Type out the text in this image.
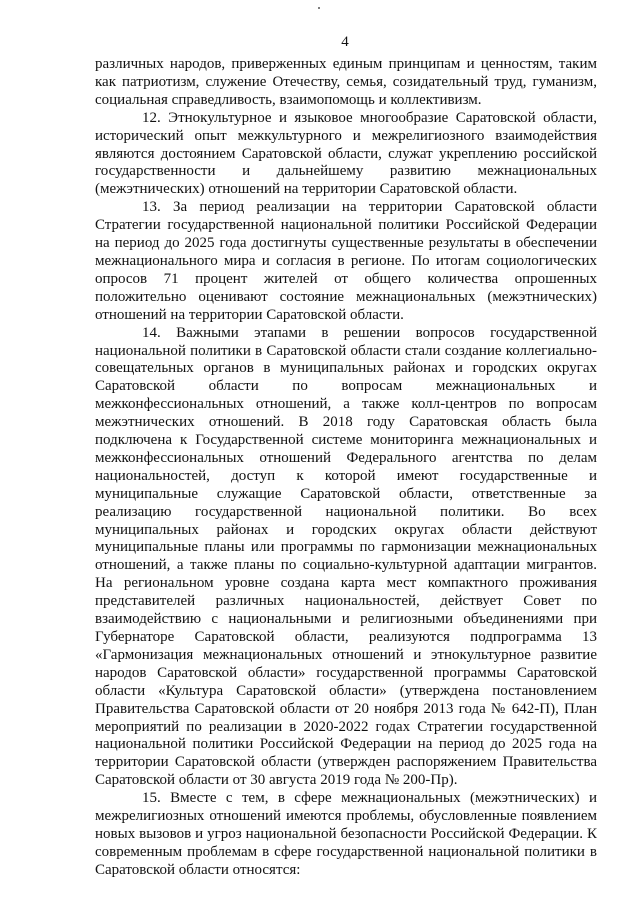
4

различных народов, приверженных единым принципам и ценностям, таким как патриотизм, служение Отечеству, семья, созидательный труд, гуманизм, социальная справедливость, взаимопомощь и коллективизм.

12. Этнокультурное и языковое многообразие Саратовской области, исторический опыт межкультурного и межрелигиозного взаимодействия являются достоянием Саратовской области, служат укреплению российской государственности и дальнейшему развитию межнациональных (межэтнических) отношений на территории Саратовской области.

13. За период реализации на территории Саратовской области Стратегии государственной национальной политики Российской Федерации на период до 2025 года достигнуты существенные результаты в обеспечении межнационального мира и согласия в регионе. По итогам социологических опросов 71 процент жителей от общего количества опрошенных положительно оценивают состояние межнациональных (межэтнических) отношений на территории Саратовской области.

14. Важными этапами в решении вопросов государственной национальной политики в Саратовской области стали создание коллегиально-совещательных органов в муниципальных районах и городских округах Саратовской области по вопросам межнациональных и межконфессиональных отношений, а также колл-центров по вопросам межэтнических отношений. В 2018 году Саратовская область была подключена к Государственной системе мониторинга межнациональных и межконфессиональных отношений Федерального агентства по делам национальностей, доступ к которой имеют государственные и муниципальные служащие Саратовской области, ответственные за реализацию государственной национальной политики. Во всех муниципальных районах и городских округах области действуют муниципальные планы или программы по гармонизации межнациональных отношений, а также планы по социально-культурной адаптации мигрантов. На региональном уровне создана карта мест компактного проживания представителей различных национальностей, действует Совет по взаимодействию с национальными и религиозными объединениями при Губернаторе Саратовской области, реализуются подпрограмма 13 «Гармонизация межнациональных отношений и этнокультурное развитие народов Саратовской области» государственной программы Саратовской области «Культура Саратовской области» (утверждена постановлением Правительства Саратовской области от 20 ноября 2013 года № 642-П), План мероприятий по реализации в 2020-2022 годах Стратегии государственной национальной политики Российской Федерации на период до 2025 года на территории Саратовской области (утвержден распоряжением Правительства Саратовской области от 30 августа 2019 года № 200-Пр).

15. Вместе с тем, в сфере межнациональных (межэтнических) и межрелигиозных отношений имеются проблемы, обусловленные появлением новых вызовов и угроз национальной безопасности Российской Федерации. К современным проблемам в сфере государственной национальной политики в Саратовской области относятся:
